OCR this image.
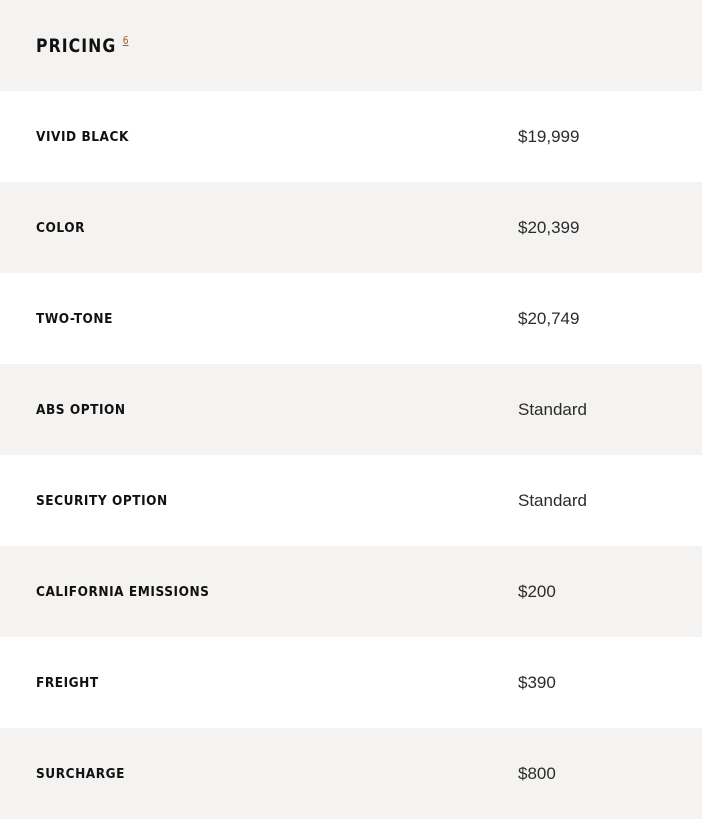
PRICING $^6$
VIVID BLACK	$19,999
COLOR	$20,399
TWO-TONE	$20,749
ABS OPTION	Standard
SECURITY OPTION	Standard
CALIFORNIA EMISSIONS	$200
FREIGHT	$390
SURCHARGE	$800
